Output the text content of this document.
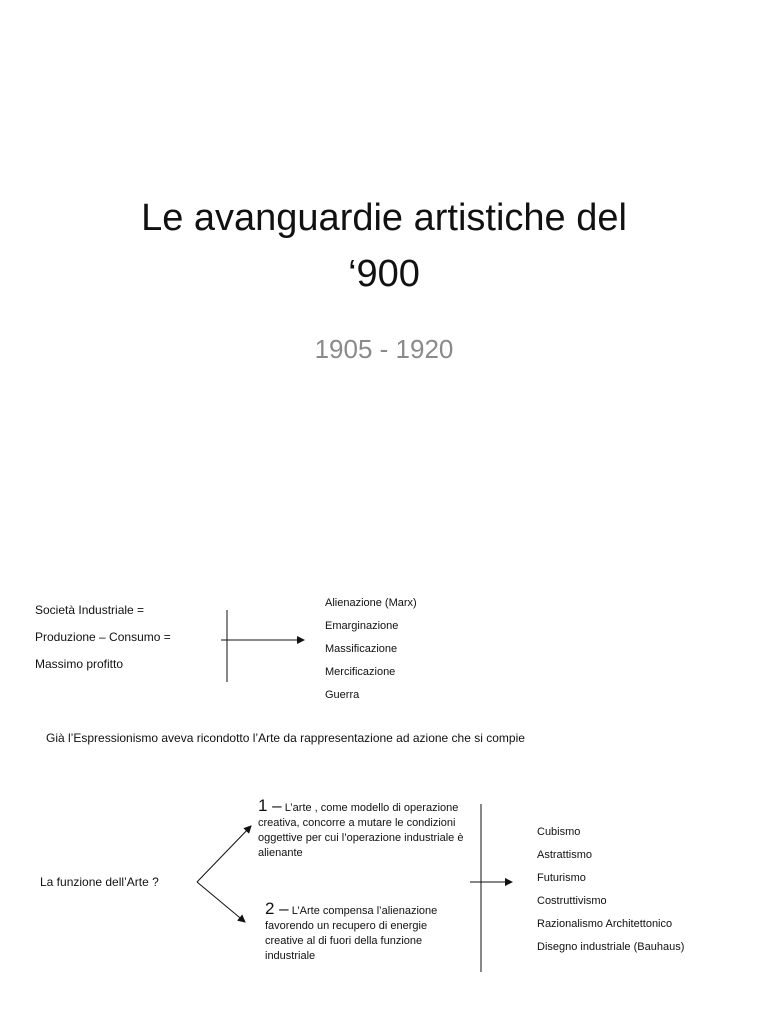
Le avanguardie artistiche del
‘900

1905 - 1920

Società Industriale =
Produzione – Consumo =
Massimo profitto
Alienazione (Marx)
Emarginazione
Massificazione
Mercificazione
Guerra
Già l’Espressionismo aveva ricondotto l’Arte da rappresentazione ad azione che si compie
La funzione dell’Arte ?
1 – L’arte , come modello di operazione creativa, concorre a mutare le condizioni oggettive per cui l’operazione industriale è alienante
2 – L’Arte compensa l’alienazione favorendo un recupero di energie creative al di fuori della funzione industriale
Cubismo
Astrattismo
Futurismo
Costruttivismo
Razionalismo Architettonico
Disegno industriale (Bauhaus)
